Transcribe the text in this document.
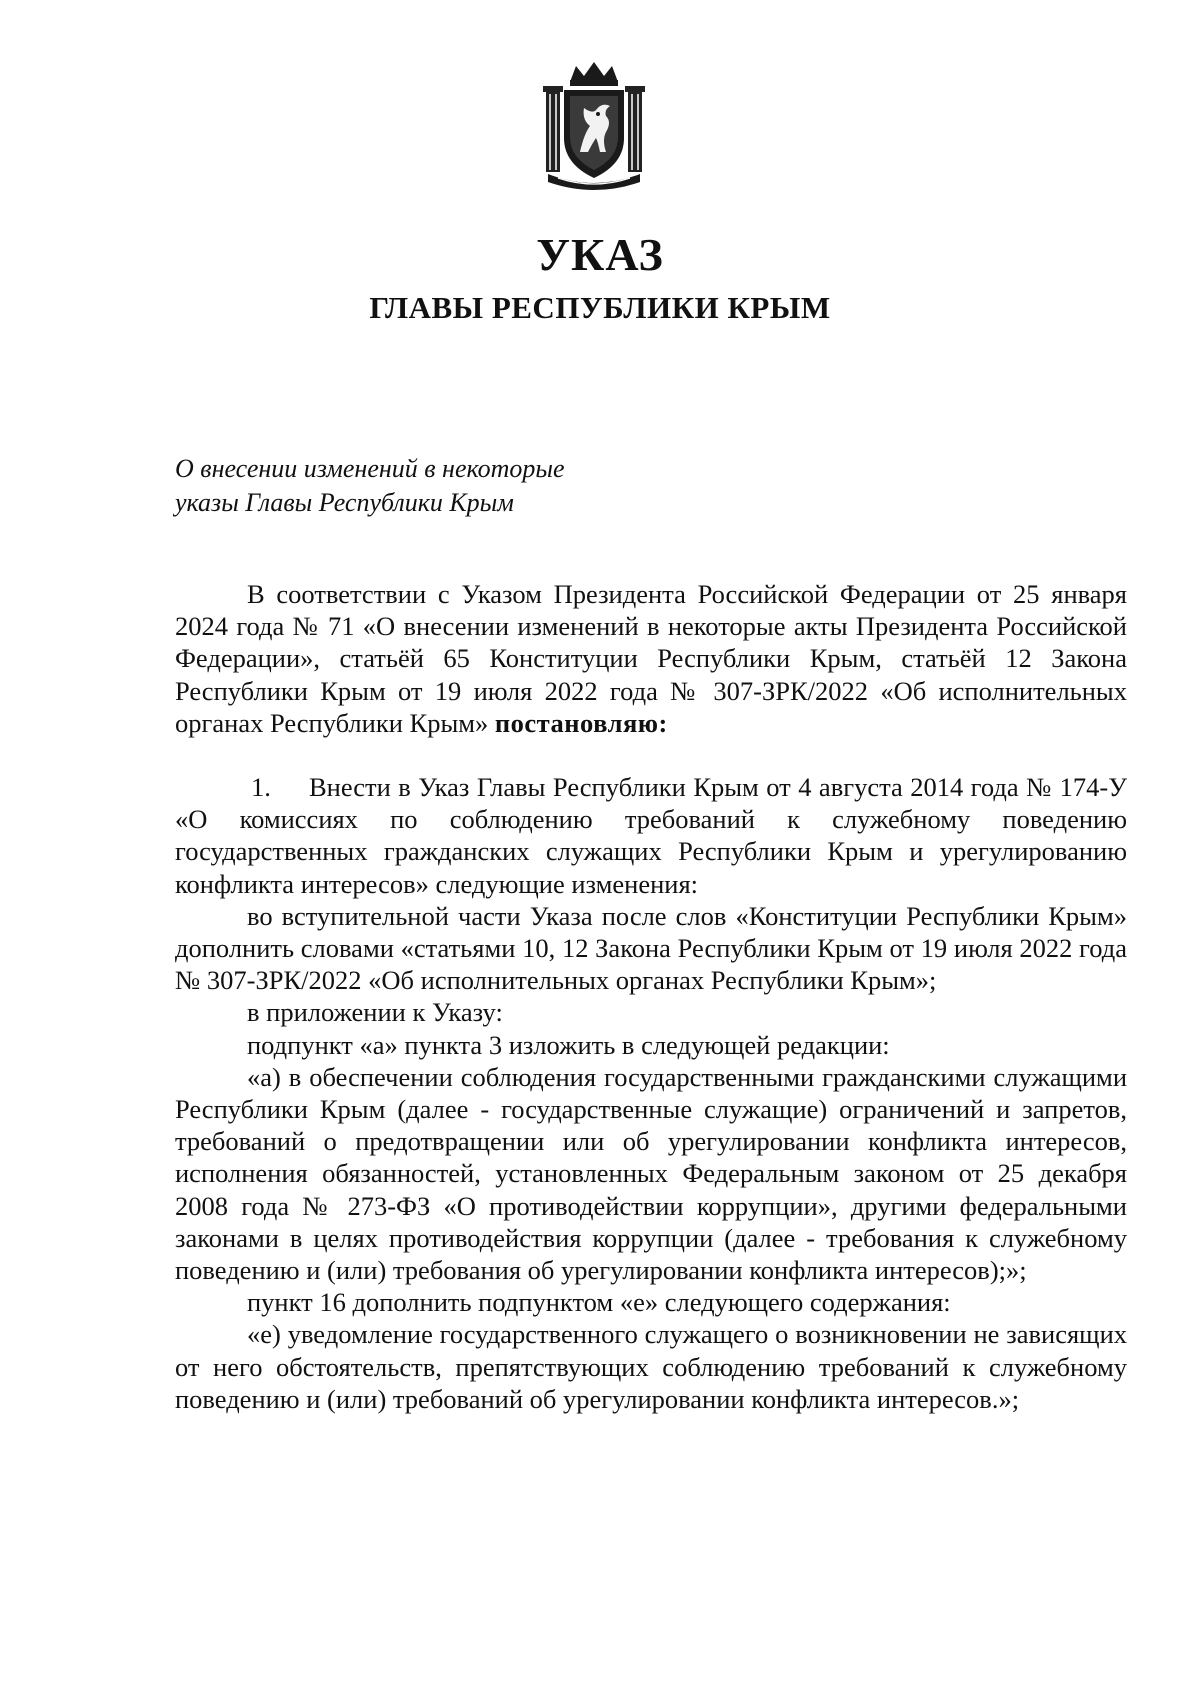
УКАЗ
ГЛАВЫ РЕСПУБЛИКИ КРЫМ
О внесении изменений в некоторые
указы Главы Республики Крым

В соответствии с Указом Президента Российской Федерации от 25 января 2024 года № 71 «О внесении изменений в некоторые акты Президента Российской Федерации», статьёй 65 Конституции Республики Крым, статьёй 12 Закона Республики Крым от 19 июля 2022 года № 307-ЗРК/2022 «Об исполнительных органах Республики Крым» постановляю:

1. Внести в Указ Главы Республики Крым от 4 августа 2014 года № 174-У «О комиссиях по соблюдению требований к служебному поведению государственных гражданских служащих Республики Крым и урегулированию конфликта интересов» следующие изменения:

во вступительной части Указа после слов «Конституции Республики Крым» дополнить словами «статьями 10, 12 Закона Республики Крым от 19 июля 2022 года № 307-ЗРК/2022 «Об исполнительных органах Республики Крым»;

в приложении к Указу:

подпункт «а» пункта 3 изложить в следующей редакции:

«а) в обеспечении соблюдения государственными гражданскими служащими Республики Крым (далее - государственные служащие) ограничений и запретов, требований о предотвращении или об урегулировании конфликта интересов, исполнения обязанностей, установленных Федеральным законом от 25 декабря 2008 года № 273-ФЗ «О противодействии коррупции», другими федеральными законами в целях противодействия коррупции (далее - требования к служебному поведению и (или) требования об урегулировании конфликта интересов);»;

пункт 16 дополнить подпунктом «е» следующего содержания:

«е) уведомление государственного служащего о возникновении не зависящих от него обстоятельств, препятствующих соблюдению требований к служебному поведению и (или) требований об урегулировании конфликта интересов.»;
